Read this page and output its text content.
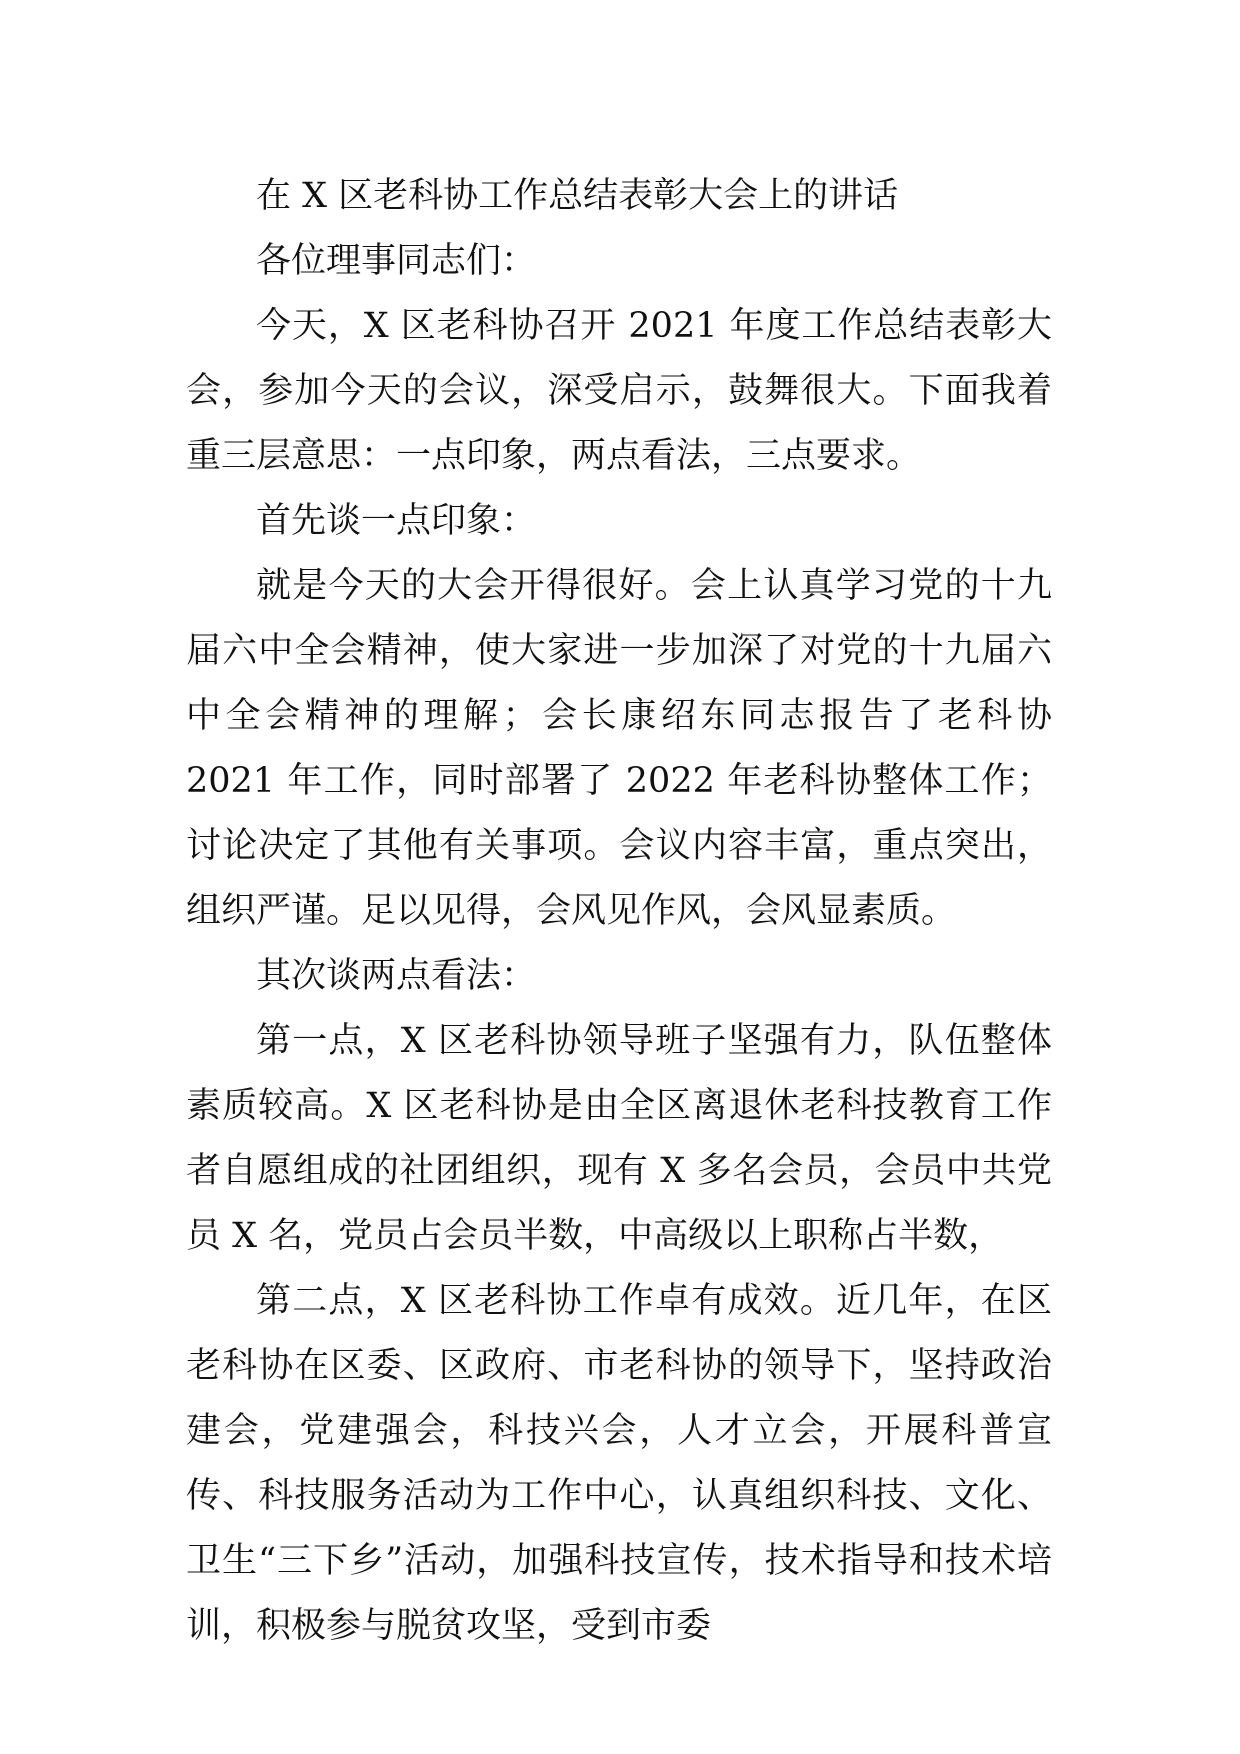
在 X 区老科协工作总结表彰大会上的讲话

各位理事同志们：

今天，X 区老科协召开 2021 年度工作总结表彰大会，参加今天的会议，深受启示，鼓舞很大。下面我着重三层意思：一点印象，两点看法，三点要求。

首先谈一点印象：

就是今天的大会开得很好。会上认真学习党的十九届六中全会精神，使大家进一步加深了对党的十九届六中全会精神的理解；会长康绍东同志报告了老科协 2021 年工作，同时部署了 2022 年老科协整体工作；讨论决定了其他有关事项。会议内容丰富，重点突出，组织严谨。足以见得，会风见作风，会风显素质。

其次谈两点看法：

第一点，X 区老科协领导班子坚强有力，队伍整体素质较高。X 区老科协是由全区离退休老科技教育工作者自愿组成的社团组织，现有 X 多名会员，会员中共党员 X 名，党员占会员半数，中高级以上职称占半数，

第二点，X 区老科协工作卓有成效。近几年，在区老科协在区委、区政府、市老科协的领导下，坚持政治建会，党建强会，科技兴会，人才立会，开展科普宣传、科技服务活动为工作中心，认真组织科技、文化、卫生“三下乡”活动，加强科技宣传，技术指导和技术培训，积极参与脱贫攻坚，受到市委
